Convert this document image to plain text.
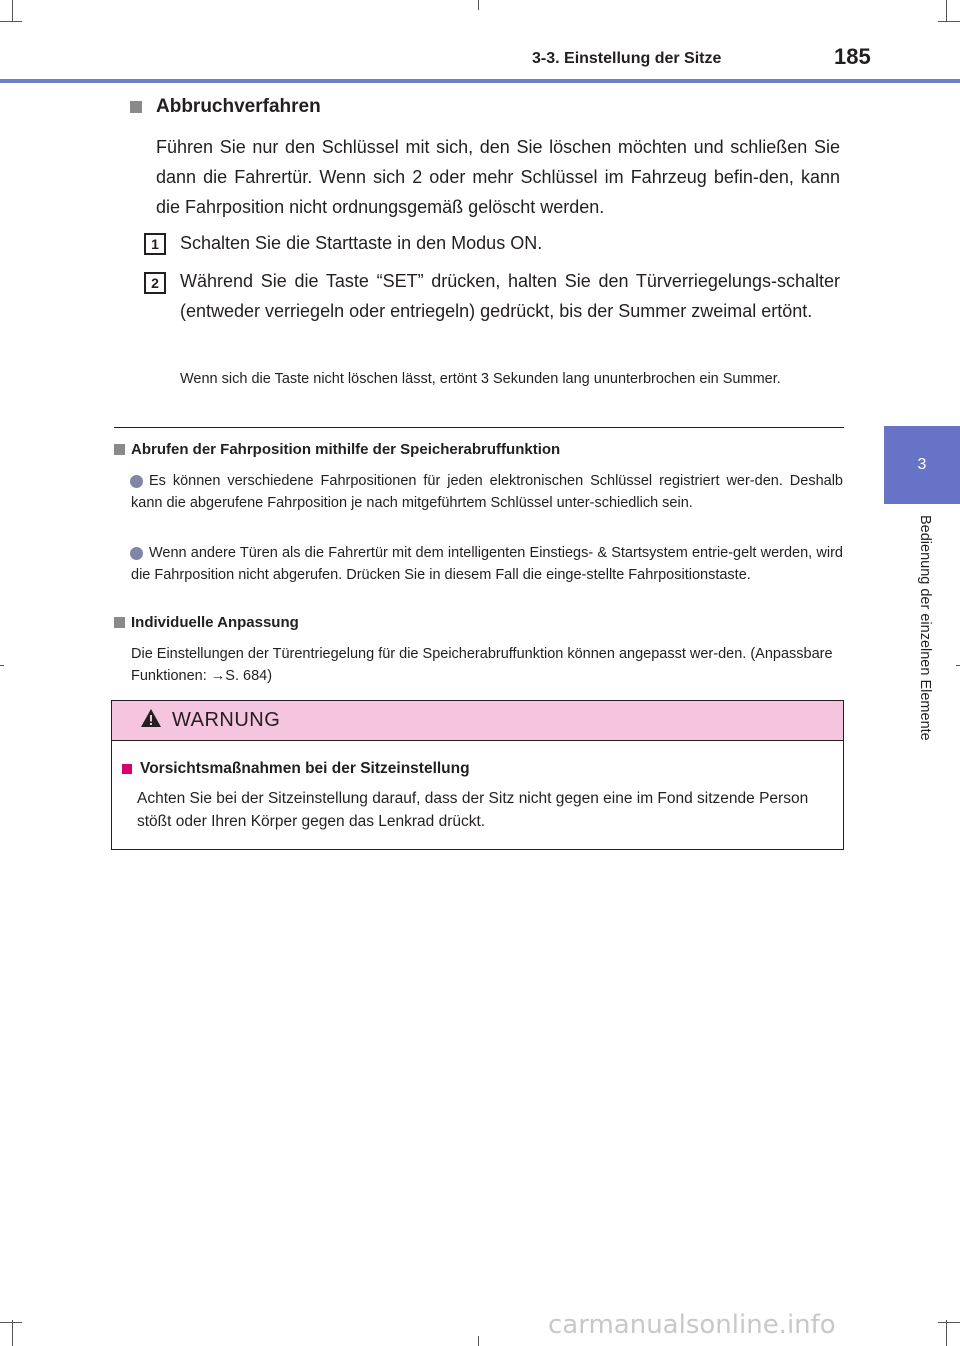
3-3. Einstellung der Sitze	185
3
Bedienung der einzelnen Elemente
Abbruchverfahren
Führen Sie nur den Schlüssel mit sich, den Sie löschen möchten und schließen Sie dann die Fahrertür. Wenn sich 2 oder mehr Schlüssel im Fahrzeug befin-den, kann die Fahrposition nicht ordnungsgemäß gelöscht werden.
1	Schalten Sie die Starttaste in den Modus ON.
2	Während Sie die Taste “SET” drücken, halten Sie den Türverriegelungs-schalter (entweder verriegeln oder entriegeln) gedrückt, bis der Summer zweimal ertönt.
Wenn sich die Taste nicht löschen lässt, ertönt 3 Sekunden lang ununterbrochen ein Summer.
Abrufen der Fahrposition mithilfe der Speicherabruffunktion
Es können verschiedene Fahrpositionen für jeden elektronischen Schlüssel registriert wer-den. Deshalb kann die abgerufene Fahrposition je nach mitgeführtem Schlüssel unter-schiedlich sein.
Wenn andere Türen als die Fahrertür mit dem intelligenten Einstiegs- & Startsystem entrie-gelt werden, wird die Fahrposition nicht abgerufen. Drücken Sie in diesem Fall die einge-stellte Fahrpositionstaste.
Individuelle Anpassung
Die Einstellungen der Türentriegelung für die Speicherabruffunktion können angepasst wer-den. (Anpassbare Funktionen: →S. 684)
WARNUNG
Vorsichtsmaßnahmen bei der Sitzeinstellung
Achten Sie bei der Sitzeinstellung darauf, dass der Sitz nicht gegen eine im Fond sitzende Person stößt oder Ihren Körper gegen das Lenkrad drückt.
carmanualsonline.info
